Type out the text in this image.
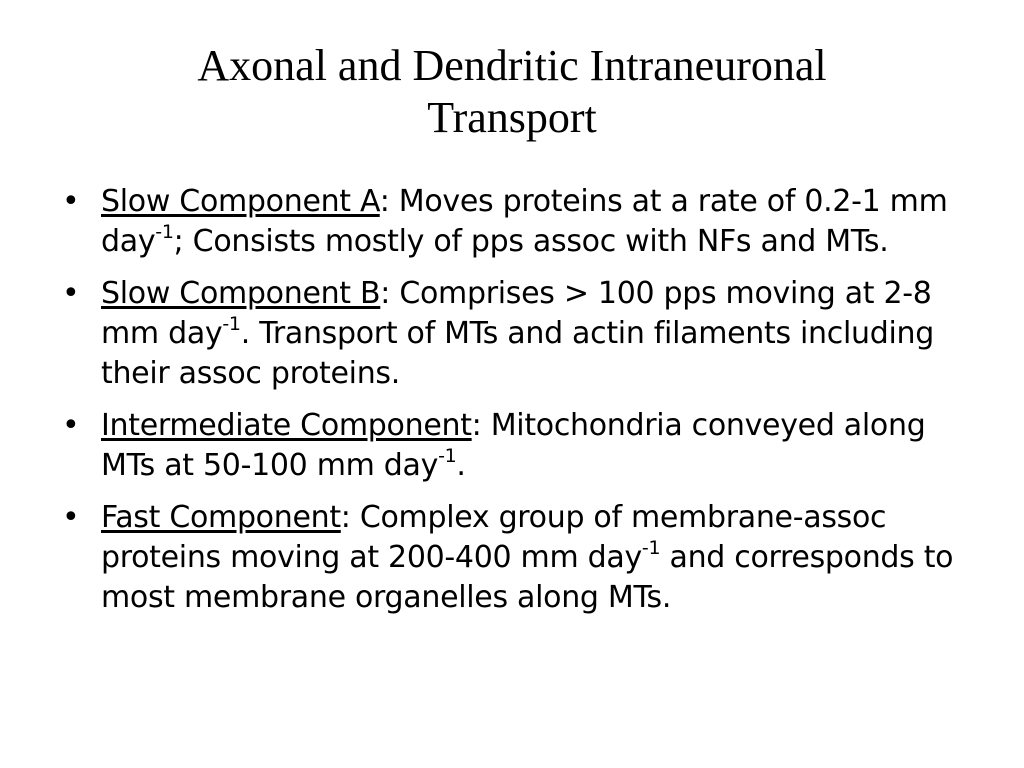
Axonal and Dendritic Intraneuronal
Transport
• Slow Component A: Moves proteins at a rate of 0.2-1 mm day$^{-1}$; Consists mostly of pps assoc with NFs and MTs.
• Slow Component B: Comprises > 100 pps moving at 2-8 mm day$^{-1}$. Transport of MTs and actin filaments including their assoc proteins.
• Intermediate Component: Mitochondria conveyed along MTs at 50-100 mm day$^{-1}$.
• Fast Component: Complex group of membrane-assoc proteins moving at 200-400 mm day$^{-1}$ and corresponds to most membrane organelles along MTs.
